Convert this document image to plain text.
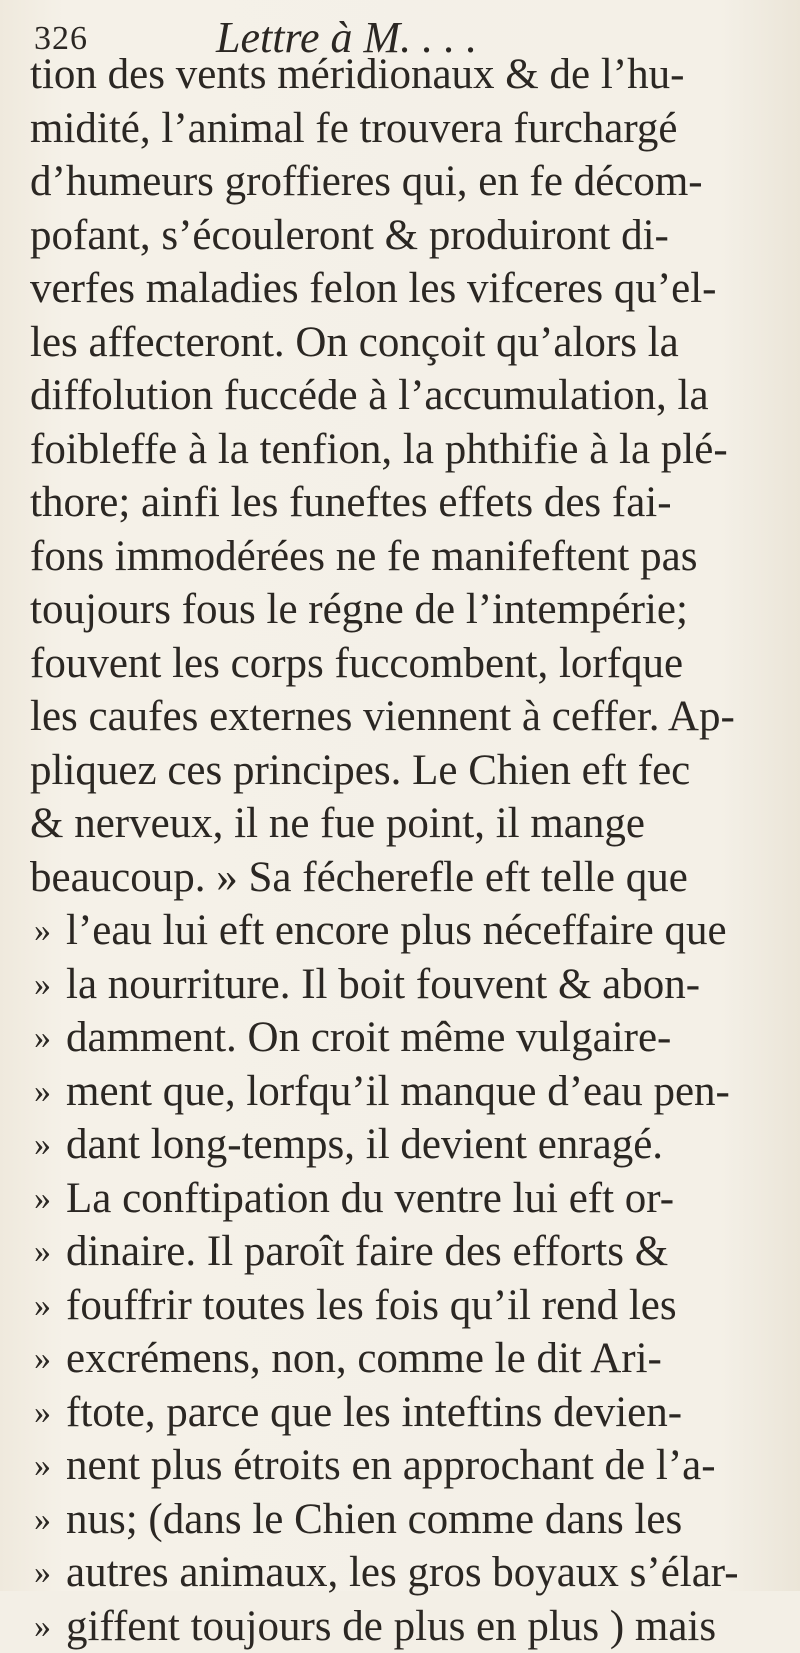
326	Lettre à M. . . .
tion des vents méridionaux & de l’hu-
midité, l’animal fe trouvera furchargé
d’humeurs groffieres qui, en fe décom-
pofant, s’écouleront & produiront di-
verfes maladies felon les vifceres qu’el-
les affecteront. On conçoit qu’alors la
diffolution fuccéde à l’accumulation, la
foibleffe à la tenfion, la phthifie à la plé-
thore; ainfi les funeftes effets des fai-
fons immodérées ne fe manifeftent pas
toujours fous le régne de l’intempérie;
fouvent les corps fuccombent, lorfque
les caufes externes viennent à ceffer. Ap-
pliquez ces principes. Le Chien eft fec
& nerveux, il ne fue point, il mange
beaucoup. » Sa fécherefle eft telle que
» l’eau lui eft encore plus néceffaire que
» la nourriture. Il boit fouvent & abon-
» damment. On croit même vulgaire-
» ment que, lorfqu’il manque d’eau pen-
» dant long-temps, il devient enragé.
» La conftipation du ventre lui eft or-
» dinaire. Il paroît faire des efforts &
» fouffrir toutes les fois qu’il rend les
» excrémens, non, comme le dit Ari-
» ftote, parce que les inteftins devien-
» nent plus étroits en approchant de l’a-
» nus; (dans le Chien comme dans les
» autres animaux, les gros boyaux s’élar-
» giffent toujours de plus en plus ) mais
